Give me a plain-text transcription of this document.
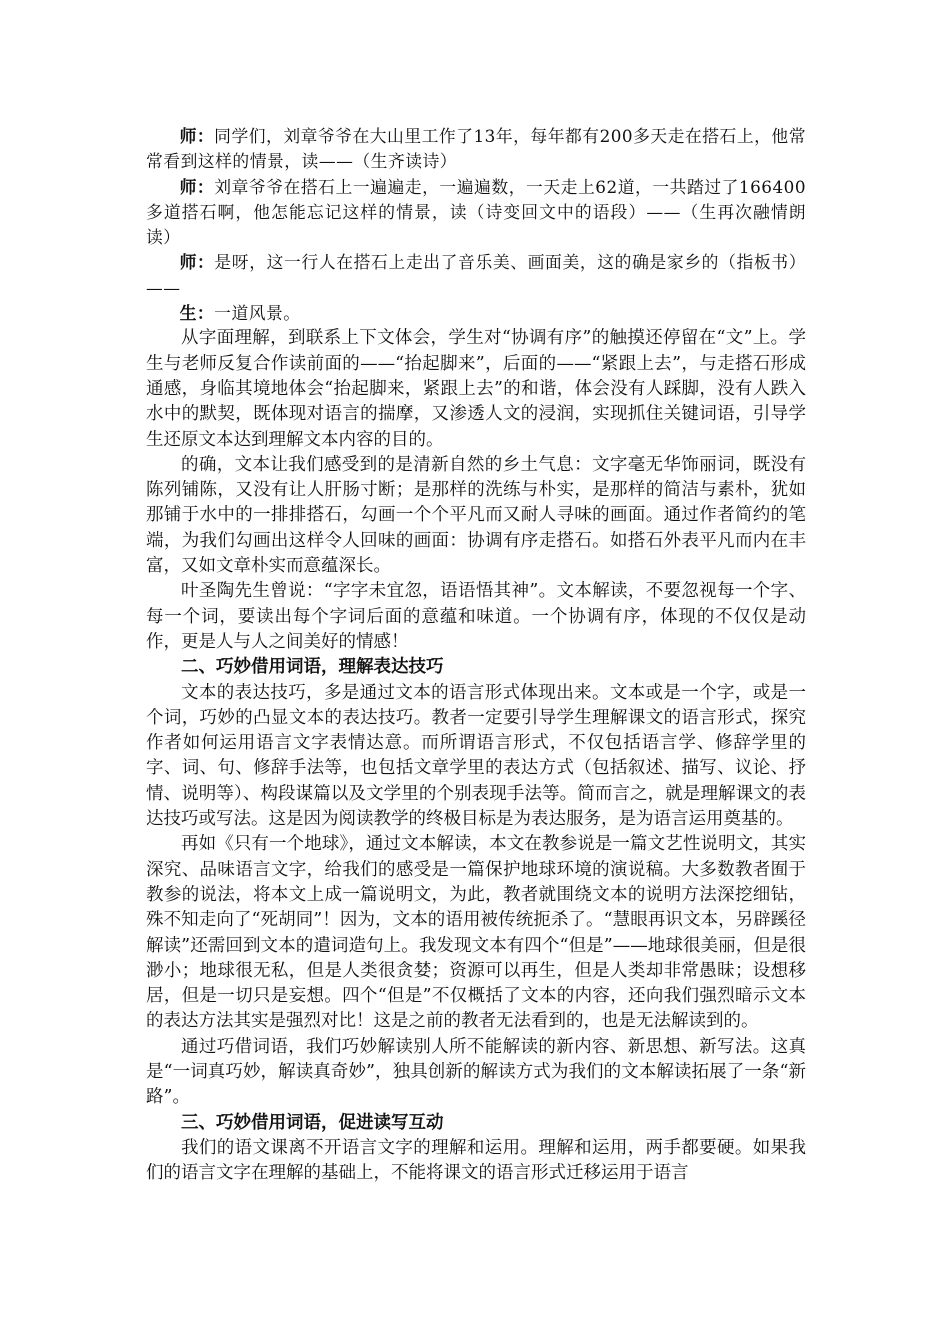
师：同学们，刘章爷爷在大山里工作了13年，每年都有200多天走在搭石上，他常常看到这样的情景，读——（生齐读诗）

师：刘章爷爷在搭石上一遍遍走，一遍遍数，一天走上62道，一共踏过了166400多道搭石啊，他怎能忘记这样的情景，读（诗变回文中的语段）——（生再次融情朗读）

师：是呀，这一行人在搭石上走出了音乐美、画面美，这的确是家乡的（指板书）——

生：一道风景。

从字面理解，到联系上下文体会，学生对“协调有序”的触摸还停留在“文”上。学生与老师反复合作读前面的——“抬起脚来”，后面的——“紧跟上去”，与走搭石形成通感，身临其境地体会“抬起脚来，紧跟上去”的和谐，体会没有人踩脚，没有人跌入水中的默契，既体现对语言的揣摩，又渗透人文的浸润，实现抓住关键词语，引导学生还原文本达到理解文本内容的目的。

的确，文本让我们感受到的是清新自然的乡土气息：文字毫无华饰丽词，既没有陈列铺陈，又没有让人肝肠寸断；是那样的洗练与朴实，是那样的简洁与素朴，犹如那铺于水中的一排排搭石，勾画一个个平凡而又耐人寻味的画面。通过作者简约的笔端，为我们勾画出这样令人回味的画面：协调有序走搭石。如搭石外表平凡而内在丰富，又如文章朴实而意蕴深长。

叶圣陶先生曾说：“字字未宜忽，语语悟其神”。文本解读，不要忽视每一个字、每一个词，要读出每个字词后面的意蕴和味道。一个协调有序，体现的不仅仅是动作，更是人与人之间美好的情感！

二、巧妙借用词语，理解表达技巧

文本的表达技巧，多是通过文本的语言形式体现出来。文本或是一个字，或是一个词，巧妙的凸显文本的表达技巧。教者一定要引导学生理解课文的语言形式，探究作者如何运用语言文字表情达意。而所谓语言形式，不仅包括语言学、修辞学里的字、词、句、修辞手法等，也包括文章学里的表达方式（包括叙述、描写、议论、抒情、说明等）、构段谋篇以及文学里的个别表现手法等。简而言之，就是理解课文的表达技巧或写法。这是因为阅读教学的终极目标是为表达服务，是为语言运用奠基的。

再如《只有一个地球》，通过文本解读，本文在教参说是一篇文艺性说明文，其实深究、品味语言文字，给我们的感受是一篇保护地球环境的演说稿。大多数教者囿于教参的说法，将本文上成一篇说明文，为此，教者就围绕文本的说明方法深挖细钻，殊不知走向了“死胡同”！因为，文本的语用被传统扼杀了。“慧眼再识文本，另辟蹊径解读”还需回到文本的遣词造句上。我发现文本有四个“但是”——地球很美丽，但是很渺小；地球很无私，但是人类很贪婪；资源可以再生，但是人类却非常愚昧；设想移居，但是一切只是妄想。四个“但是”不仅概括了文本的内容，还向我们强烈暗示文本的表达方法其实是强烈对比！这是之前的教者无法看到的，也是无法解读到的。

通过巧借词语，我们巧妙解读别人所不能解读的新内容、新思想、新写法。这真是“一词真巧妙，解读真奇妙”，独具创新的解读方式为我们的文本解读拓展了一条“新路”。

三、巧妙借用词语，促进读写互动

我们的语文课离不开语言文字的理解和运用。理解和运用，两手都要硬。如果我们的语言文字在理解的基础上，不能将课文的语言形式迁移运用于语言
